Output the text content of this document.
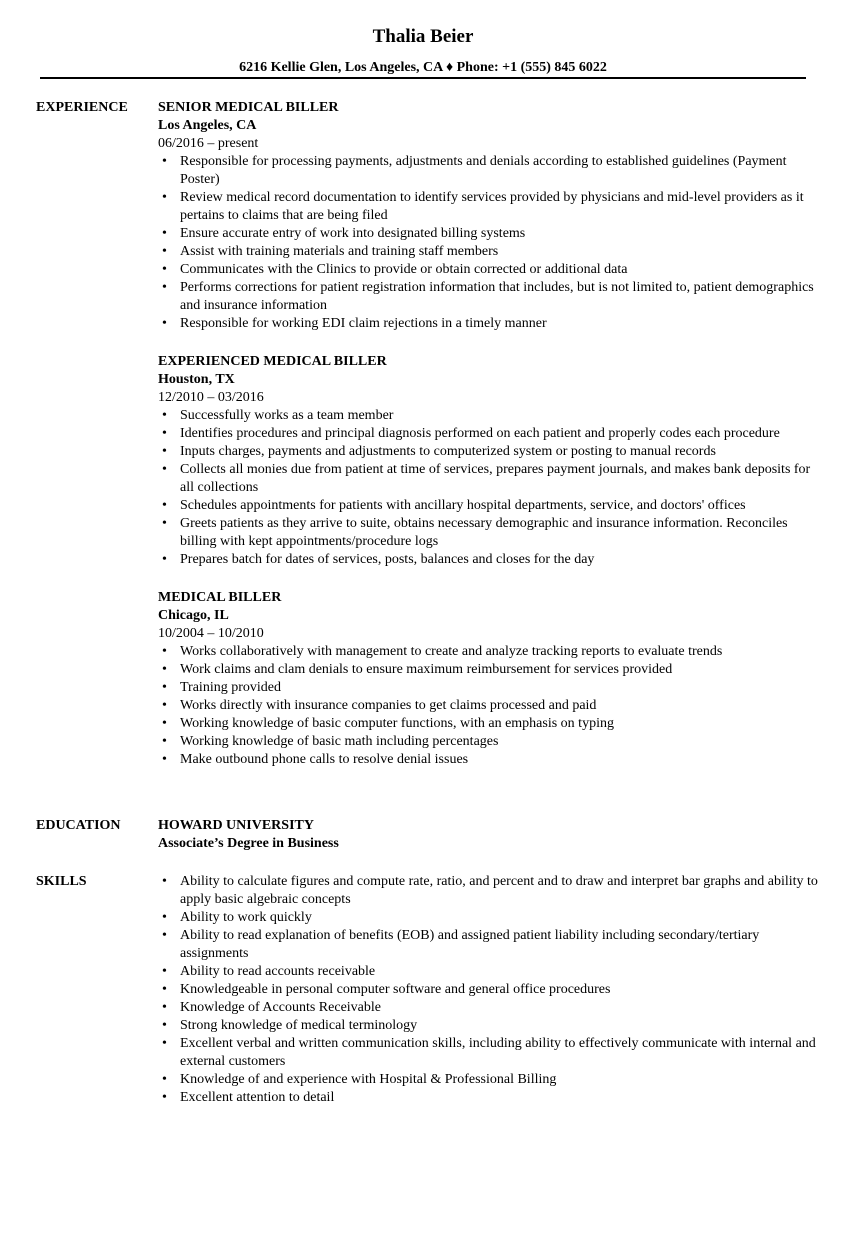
Thalia Beier
6216 Kellie Glen, Los Angeles, CA ♦ Phone: +1 (555) 845 6022
EXPERIENCE SENIOR MEDICAL BILLER
Los Angeles, CA
06/2016 – present
• Responsible for processing payments, adjustments and denials according to established guidelines (Payment Poster)
• Review medical record documentation to identify services provided by physicians and mid-level providers as it pertains to claims that are being filed
• Ensure accurate entry of work into designated billing systems
• Assist with training materials and training staff members
• Communicates with the Clinics to provide or obtain corrected or additional data
• Performs corrections for patient registration information that includes, but is not limited to, patient demographics and insurance information
• Responsible for working EDI claim rejections in a timely manner
EXPERIENCED MEDICAL BILLER
Houston, TX
12/2010 – 03/2016
• Successfully works as a team member
• Identifies procedures and principal diagnosis performed on each patient and properly codes each procedure
• Inputs charges, payments and adjustments to computerized system or posting to manual records
• Collects all monies due from patient at time of services, prepares payment journals, and makes bank deposits for all collections
• Schedules appointments for patients with ancillary hospital departments, service, and doctors' offices
• Greets patients as they arrive to suite, obtains necessary demographic and insurance information. Reconciles billing with kept appointments/procedure logs
• Prepares batch for dates of services, posts, balances and closes for the day
MEDICAL BILLER
Chicago, IL
10/2004 – 10/2010
• Works collaboratively with management to create and analyze tracking reports to evaluate trends
• Work claims and clam denials to ensure maximum reimbursement for services provided
• Training provided
• Works directly with insurance companies to get claims processed and paid
• Working knowledge of basic computer functions, with an emphasis on typing
• Working knowledge of basic math including percentages
• Make outbound phone calls to resolve denial issues
EDUCATION	HOWARD UNIVERSITY
Associate’s Degree in Business
SKILLS	• Ability to calculate figures and compute rate, ratio, and percent and to draw and interpret bar graphs and ability to apply basic algebraic concepts
• Ability to work quickly
• Ability to read explanation of benefits (EOB) and assigned patient liability including secondary/tertiary assignments
• Ability to read accounts receivable
• Knowledgeable in personal computer software and general office procedures
• Knowledge of Accounts Receivable
• Strong knowledge of medical terminology
• Excellent verbal and written communication skills, including ability to effectively communicate with internal and external customers
• Knowledge of and experience with Hospital & Professional Billing
• Excellent attention to detail
